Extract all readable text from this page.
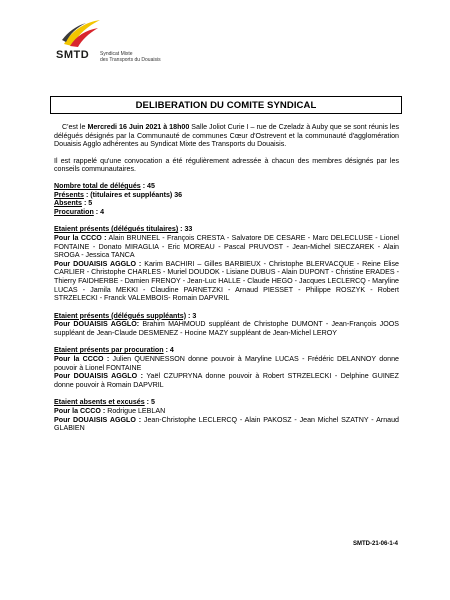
SMTD Syndicat Mixte
des Transports du Douaisis
DELIBERATION DU COMITE SYNDICAL

C'est le Mercredi 16 Juin 2021 à 18h00 Salle Joliot Curie I – rue de Czeladz à Auby que se sont réunis les délégués désignés par la Communauté de communes Cœur d'Ostrevent et la communauté d'agglomération Douaisis Agglo adhérentes au Syndicat Mixte des Transports du Douaisis.

Il est rappelé qu'une convocation a été régulièrement adressée à chacun des membres désignés par les conseils communautaires.

Nombre total de délégués : 45

Présents : (titulaires et suppléants) 36

Absents : 5

Procuration : 4

Etaient présents (délégués titulaires) : 33

Pour la CCCO : Alain BRUNEEL - François CRESTA - Salvatore DE CESARE - Marc DELECLUSE - Lionel FONTAINE - Donato MIRAGLIA - Eric MOREAU - Pascal PRUVOST - Jean-Michel SIECZAREK - Alain SROGA - Jessica TANCA

Pour DOUAISIS AGGLO : Karim BACHIRI – Gilles BARBIEUX - Christophe BLERVACQUE - Reine Elise CARLIER - Christophe CHARLES - Muriel DOUDOK - Lisiane DUBUS - Alain DUPONT - Christine ERADES - Thierry FAIDHERBE - Damien FRENOY - Jean-Luc HALLE - Claude HEGO - Jacques LECLERCQ - Maryline LUCAS - Jamila MEKKI - Claudine PARNETZKI - Arnaud PIESSET - Philippe ROSZYK - Robert STRZELECKI - Franck VALEMBOIS- Romain DAPVRIL

Etaient présents (délégués suppléants) : 3

Pour DOUAISIS AGGLO: Brahim MAHMOUD suppléant de Christophe DUMONT - Jean-François JOOS suppléant de Jean-Claude DESMENEZ - Hocine MAZY suppléant de Jean-Michel LEROY

Etaient présents par procuration : 4

Pour la CCCO : Julien QUENNESSON donne pouvoir à Maryline LUCAS - Frédéric DELANNOY donne pouvoir à Lionel FONTAINE

Pour DOUAISIS AGGLO : Yaël CZUPRYNA donne pouvoir à Robert STRZELECKI - Delphine GUINEZ donne pouvoir à Romain DAPVRIL

Etaient absents et excusés : 5

Pour la CCCO : Rodrigue LEBLAN

Pour DOUAISIS AGGLO : Jean-Christophe LECLERCQ - Alain PAKOSZ - Jean Michel SZATNY - Arnaud GLABIEN

SMTD-21-06-1-4
